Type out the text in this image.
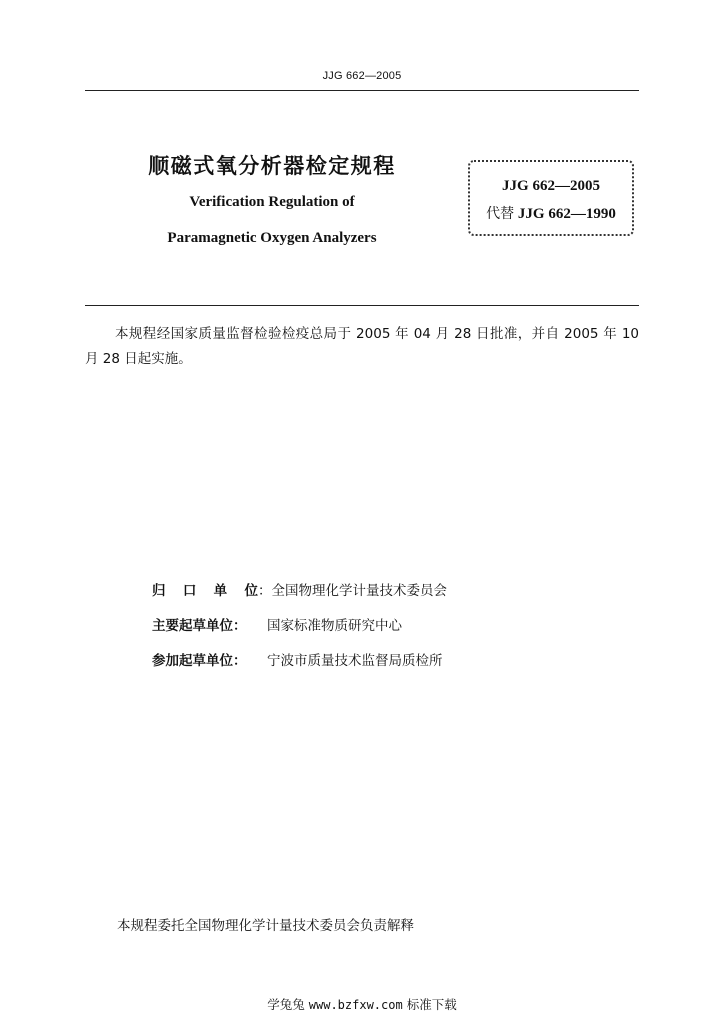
JJG 662—2005
顺磁式氧分析器检定规程
Verification Regulation of
Paramagnetic Oxygen Analyzers
JJG 662—2005
代替 JJG 662—1990
本规程经国家质量监督检验检疫总局于 2005 年 04 月 28 日批准，并自 2005 年 10 月 28 日起实施。
归 口 单 位 ： 全国物理化学计量技术委员会
主要起草单位：	国家标准物质研究中心
参加起草单位：	宁波市质量技术监督局质检所
本规程委托全国物理化学计量技术委员会负责解释
学兔兔 www.bzfxw.com 标准下载
